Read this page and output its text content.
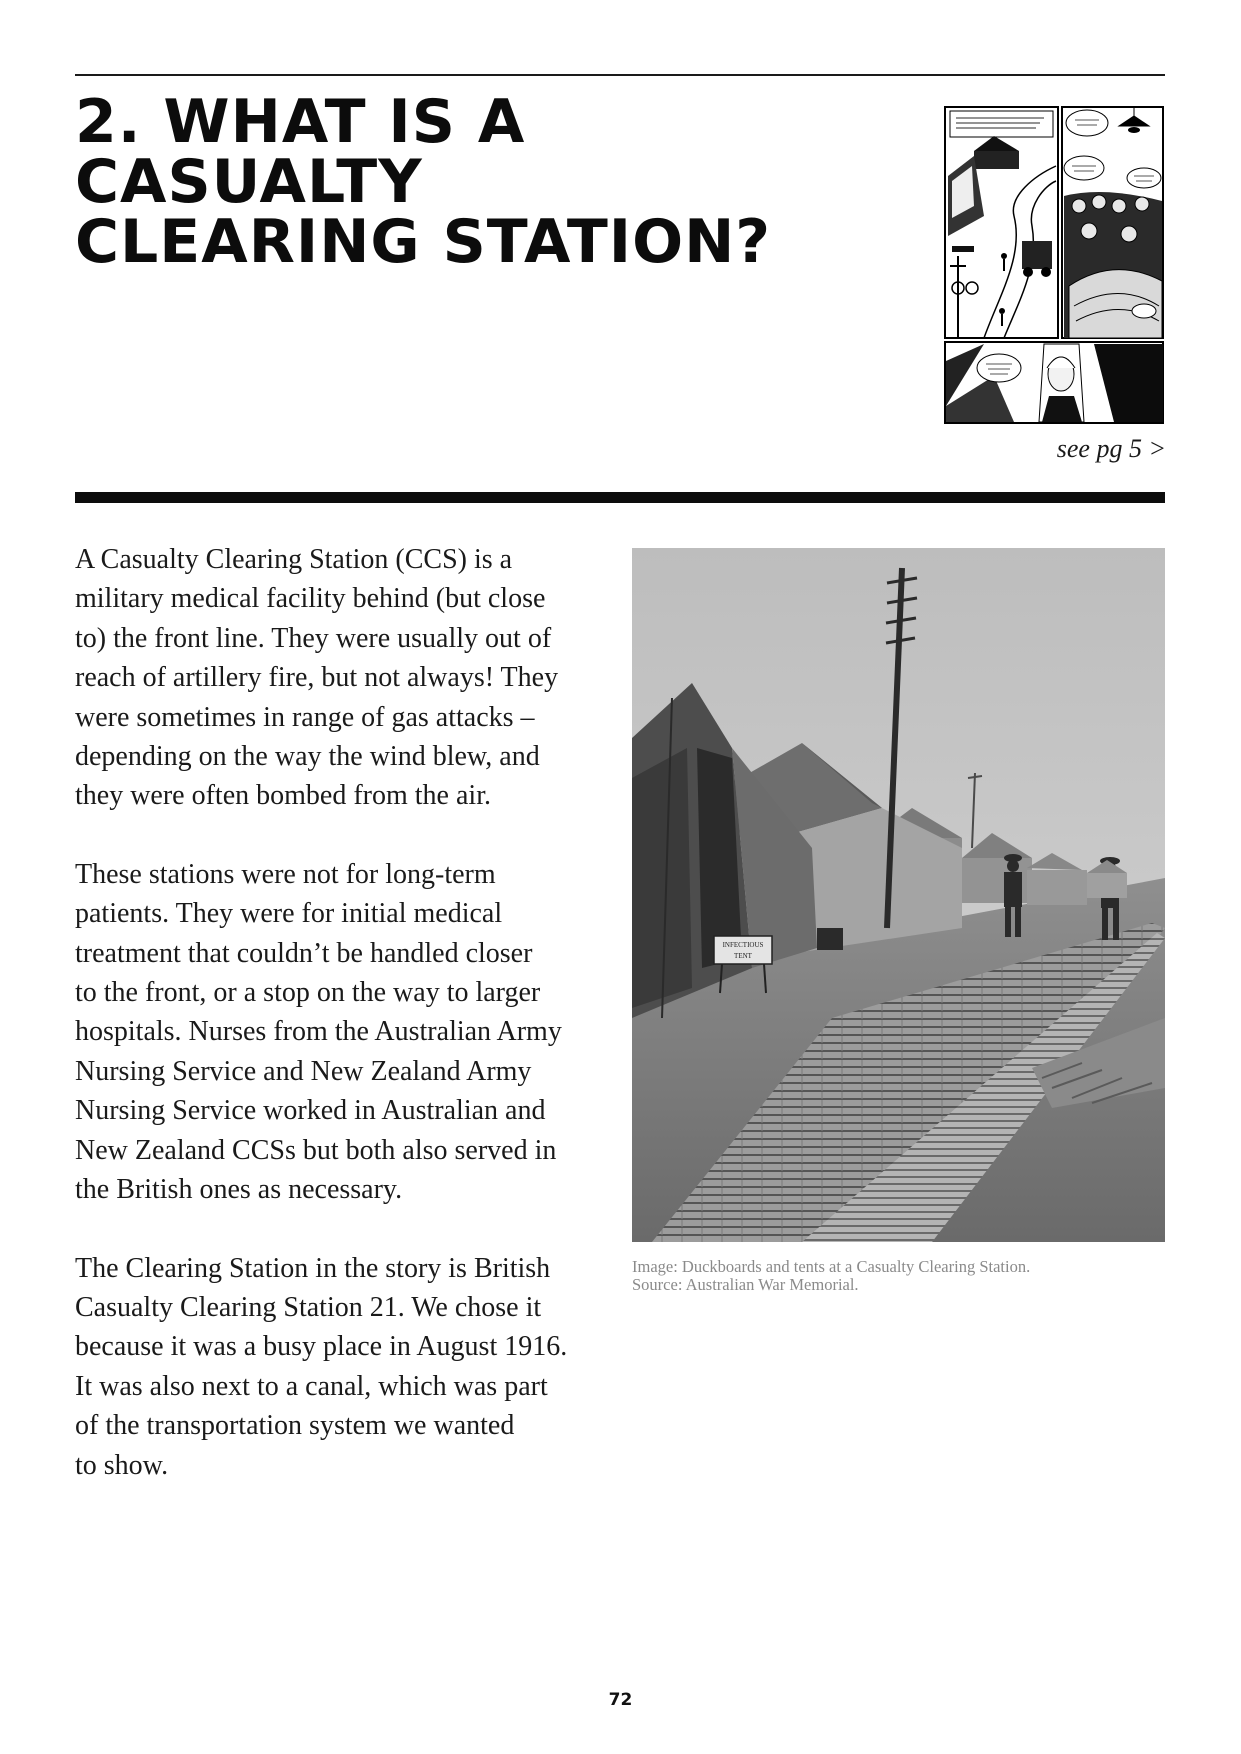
2. WHAT IS A CASUALTY
CLEARING STATION?
see pg 5 >

A Casualty Clearing Station (CCS) is a
military medical facility behind (but close
to) the front line. They were usually out of
reach of artillery fire, but not always! They
were sometimes in range of gas attacks –
depending on the way the wind blew, and
they were often bombed from the air.

These stations were not for long-term
patients. They were for initial medical
treatment that couldn’t be handled closer
to the front, or a stop on the way to larger
hospitals. Nurses from the Australian Army
Nursing Service and New Zealand Army
Nursing Service worked in Australian and
New Zealand CCSs but both also served in
the British ones as necessary.

The Clearing Station in the story is British
Casualty Clearing Station 21. We chose it
because it was a busy place in August 1916.
It was also next to a canal, which was part
of the transportation system we wanted
to show.

INFECTIOUS
TENT
Image: Duckboards and tents at a Casualty Clearing Station.
Source: Australian War Memorial.
72
